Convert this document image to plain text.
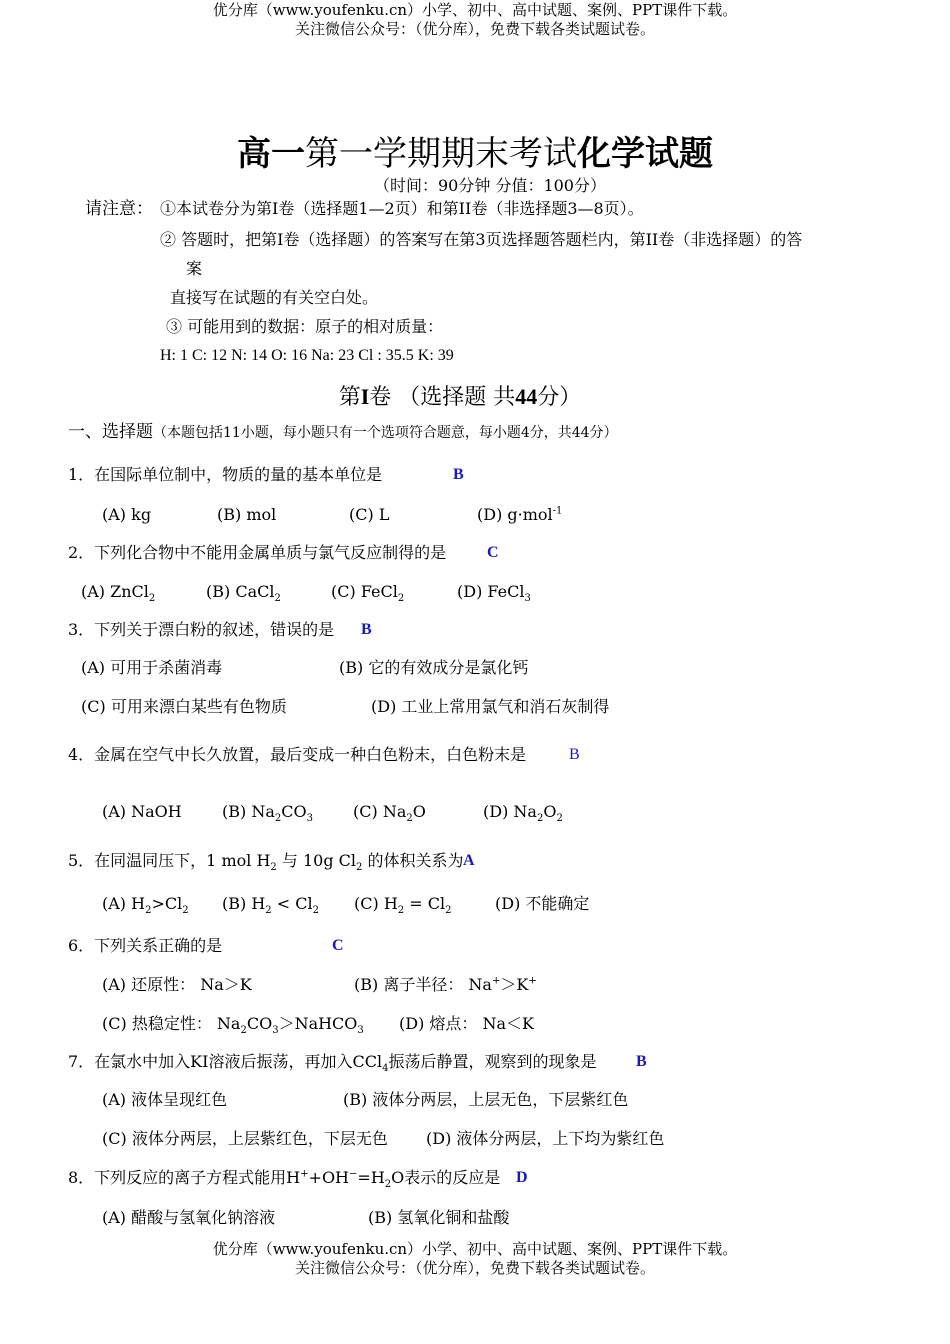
优分库（www.youfenku.cn）小学、初中、高中试题、案例、PPT课件下载。
关注微信公众号：（优分库），免费下载各类试题试卷。
高一第一学期期末考试化学试题
（时间：90分钟 分值：100分）
请注意： ①本试卷分为第I卷（选择题1—2页）和第II卷（非选择题3—8页）。
② 答题时，把第I卷（选择题）的答案写在第3页选择题答题栏内，第II卷（非选择题）的答
案
直接写在试题的有关空白处。
③ 可能用到的数据：原子的相对质量：
H: 1 C: 12 N: 14 O: 16 Na: 23 Cl : 35.5 K: 39
第I卷 （选择题 共44分）
一、选择题（本题包括11小题，每小题只有一个选项符合题意，每小题4分，共44分）
1．在国际单位制中，物质的量的基本单位是	B
(A) kg	(B) mol	(C) L	(D) g·mol$^{-1}$
2．下列化合物中不能用金属单质与氯气反应制得的是	C
(A) ZnCl$_2$	(B) CaCl$_2$	(C) FeCl$_2$	(D) FeCl$_3$
3．下列关于漂白粉的叙述，错误的是 B
(A) 可用于杀菌消毒	(B) 它的有效成分是氯化钙
(C) 可用来漂白某些有色物质	(D) 工业上常用氯气和消石灰制得
4．金属在空气中长久放置，最后变成一种白色粉末，白色粉末是	B
(A) NaOH	(B) $Na_2CO_3$	(C) $Na_2O$	(D) $Na_2O_2$
5．在同温同压下，1 mol $H_2$ 与 10g $Cl_2$ 的体积关系为 A
(A) $H_2>Cl_2$ (B) $H_2 < Cl_2$ (C) $H_2 = Cl_2$	(D) 不能确定
6．下列关系正确的是	C
(A) 还原性： Na＞K	(B) 离子半径： Na+＞K+
(C) 热稳定性： $Na_2CO_3>NaHCO_3$ (D) 熔点： Na＜K
7．在氯水中加入KI溶液后振荡，再加入CCl$_4$振荡后静置，观察到的现象是 B
(A) 液体呈现红色	(B) 液体分两层，上层无色，下层紫红色
(C) 液体分两层，上层紫红色，下层无色 (D) 液体分两层，上下均为紫红色
8．下列反应的离子方程式能用$H^++OH^-=H_2O$表示的反应是 D
(A) 醋酸与氢氧化钠溶液	(B) 氢氧化铜和盐酸
优分库（www.youfenku.cn）小学、初中、高中试题、案例、PPT课件下载。
关注微信公众号：（优分库），免费下载各类试题试卷。
